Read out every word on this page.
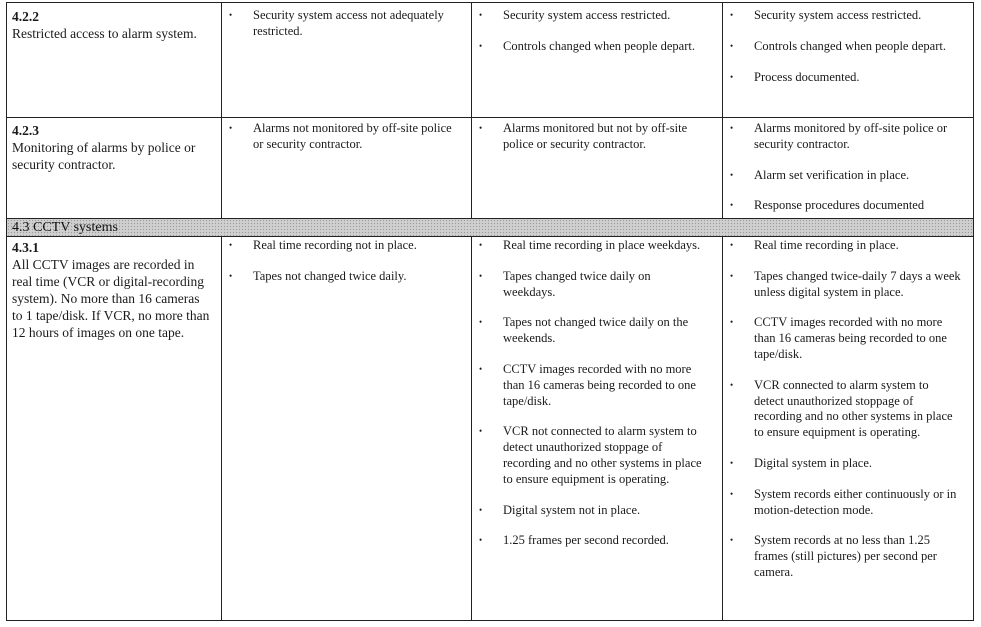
4.3 CCTV systems
4.2.2
Restricted access to alarm system.
• Security system access not adequately restricted.
• Security system access restricted.
• Controls changed when people depart.
• Security system access restricted.
• Controls changed when people depart.
• Process documented.
4.2.3
Monitoring of alarms by police or security contractor.
• Alarms not monitored by off-site police or security contractor.
• Alarms monitored but not by off-site police or security contractor.
• Alarms monitored by off-site police or security contractor.
• Alarm set verification in place.
• Response procedures documented
4.3.1
All CCTV images are recorded in real time (VCR or digital-recording system). No more than 16 cameras to 1 tape/disk. If VCR, no more than 12 hours of images on one tape.
• Real time recording not in place.
• Tapes not changed twice daily.
• Real time recording in place weekdays.
• Tapes changed twice daily on weekdays.
• Tapes not changed twice daily on the weekends.
• CCTV images recorded with no more than 16 cameras being recorded to one tape/disk.
• VCR not connected to alarm system to detect unauthorized stoppage of recording and no other systems in place to ensure equipment is operating.
• Digital system not in place.
• 1.25 frames per second recorded.
• Real time recording in place.
• Tapes changed twice-daily 7 days a week unless digital system in place.
• CCTV images recorded with no more than 16 cameras being recorded to one tape/disk.
• VCR connected to alarm system to detect unauthorized stoppage of recording and no other systems in place to ensure equipment is operating.
• Digital system in place.
• System records either continuously or in motion-detection mode.
• System records at no less than 1.25 frames (still pictures) per second per camera.
